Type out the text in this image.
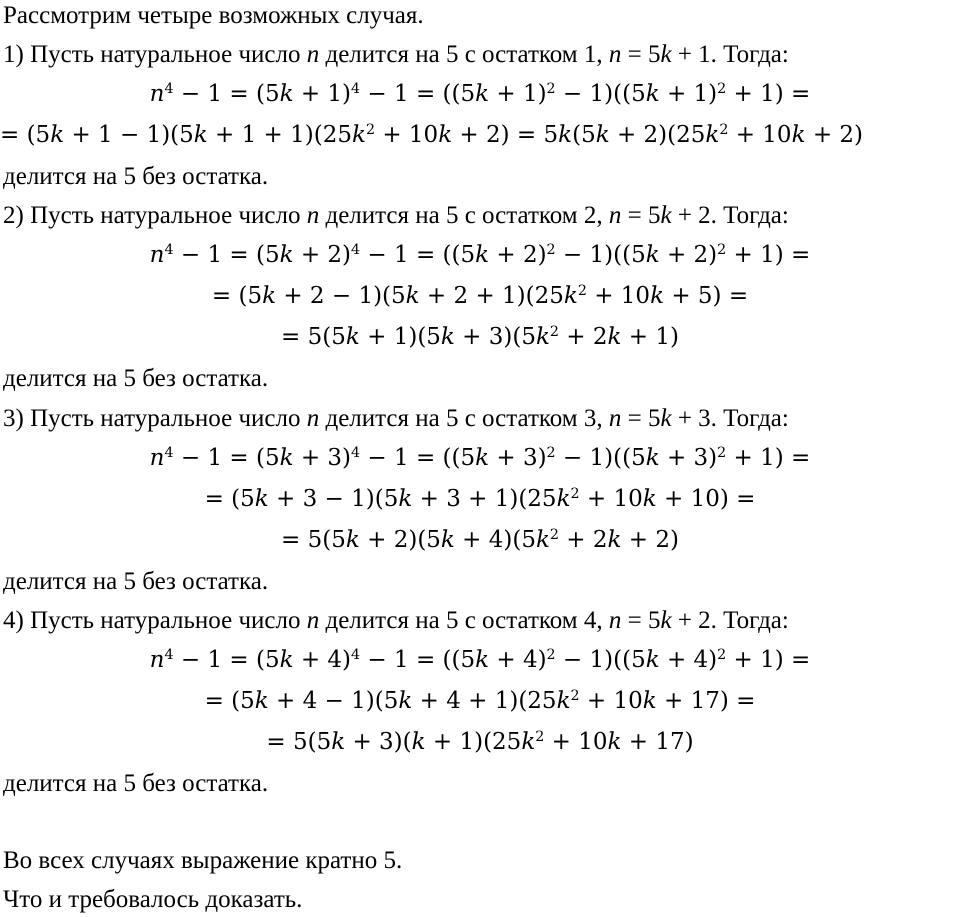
Рассмотрим четыре возможных случая.
1) Пусть натуральное число n делится на 5 с остатком 1, n = 5k + 1. Тогда:
$n^4 - 1 = (5k + 1)^4 - 1 = ((5k + 1)^2 - 1)((5k + 1)^2 + 1)$ =
= $(5k + 1 - 1)(5k + 1 + 1)(25k^2 + 10k + 2) = 5k(5k + 2)(25k^2 + 10k + 2)$
делится на 5 без остатка.
2) Пусть натуральное число n делится на 5 с остатком 2, n = 5k + 2. Тогда:
$n^4 - 1 = (5k + 2)^4 - 1 = ((5k + 2)^2 - 1)((5k + 2)^2 + 1)$ =
= $(5k + 2 - 1)(5k + 2 + 1)(25k^2 + 10k + 5)$ =
= $5(5k + 1)(5k + 3)(5k^2 + 2k + 1)$
делится на 5 без остатка.
3) Пусть натуральное число n делится на 5 с остатком 3, n = 5k + 3. Тогда:
$n^4 - 1 = (5k + 3)^4 - 1 = ((5k + 3)^2 - 1)((5k + 3)^2 + 1)$ =
= $(5k + 3 - 1)(5k + 3 + 1)(25k^2 + 10k + 10)$ =
= $5(5k + 2)(5k + 4)(5k^2 + 2k + 2)$
делится на 5 без остатка.
4) Пусть натуральное число n делится на 5 с остатком 4, n = 5k + 2. Тогда:
$n^4 - 1 = (5k + 4)^4 - 1 = ((5k + 4)^2 - 1)((5k + 4)^2 + 1)$ =
= $(5k + 4 - 1)(5k + 4 + 1)(25k^2 + 10k + 17)$ =
= $5(5k + 3)(k + 1)(25k^2 + 10k + 17)$
делится на 5 без остатка.
Во всех случаях выражение кратно 5.
Что и требовалось доказать.
